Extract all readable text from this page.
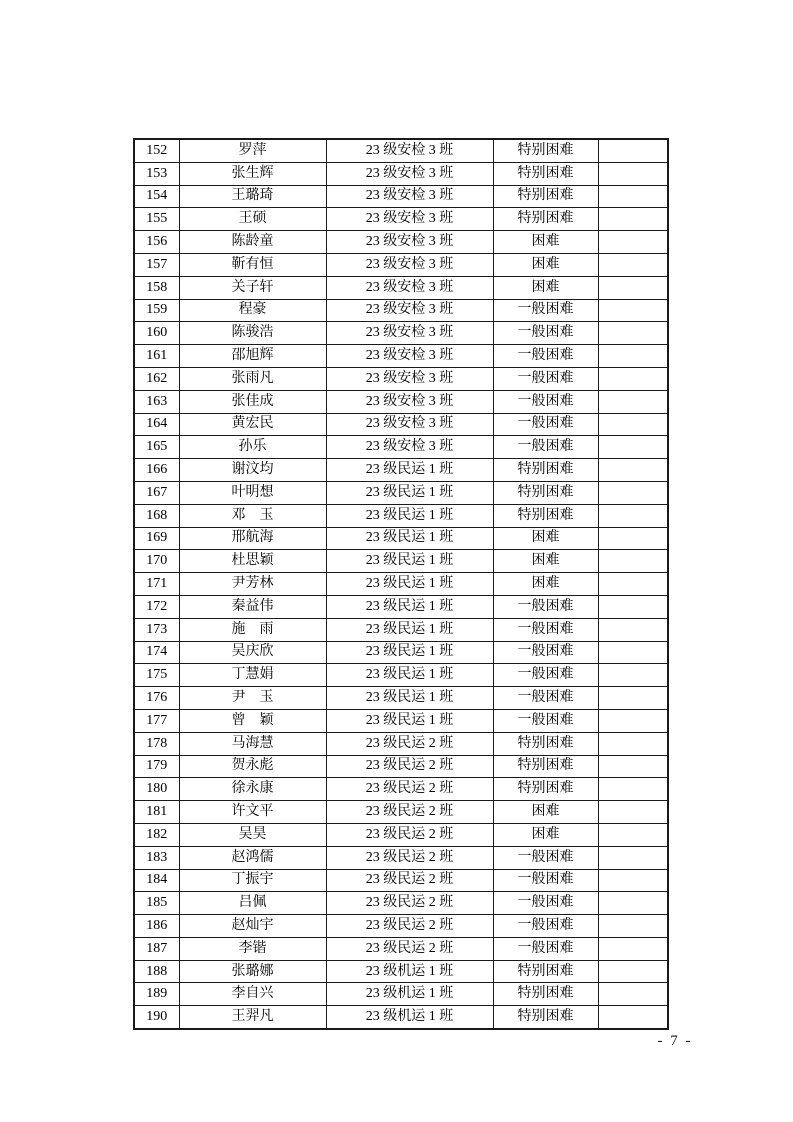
152	罗萍	23 级安检 3 班	特别困难	
153	张生辉	23 级安检 3 班	特别困难	
154	王璐琦	23 级安检 3 班	特别困难	
155	王硕	23 级安检 3 班	特别困难	
156	陈龄童	23 级安检 3 班	困难	
157	靳有恒	23 级安检 3 班	困难	
158	关子轩	23 级安检 3 班	困难	
159	程豪	23 级安检 3 班	一般困难	
160	陈骏浩	23 级安检 3 班	一般困难	
161	邵旭辉	23 级安检 3 班	一般困难	
162	张雨凡	23 级安检 3 班	一般困难	
163	张佳成	23 级安检 3 班	一般困难	
164	黄宏民	23 级安检 3 班	一般困难	
165	孙乐	23 级安检 3 班	一般困难	
166	谢汶均	23 级民运 1 班	特别困难	
167	叶明想	23 级民运 1 班	特别困难	
168	邓　玉	23 级民运 1 班	特别困难	
169	邢航海	23 级民运 1 班	困难	
170	杜思颖	23 级民运 1 班	困难	
171	尹芳林	23 级民运 1 班	困难	
172	秦益伟	23 级民运 1 班	一般困难	
173	施　雨	23 级民运 1 班	一般困难	
174	吴庆欣	23 级民运 1 班	一般困难	
175	丁慧娟	23 级民运 1 班	一般困难	
176	尹　玉	23 级民运 1 班	一般困难	
177	曾　颖	23 级民运 1 班	一般困难	
178	马海慧	23 级民运 2 班	特别困难	
179	贺永彪	23 级民运 2 班	特别困难	
180	徐永康	23 级民运 2 班	特别困难	
181	许文平	23 级民运 2 班	困难	
182	吴昊	23 级民运 2 班	困难	
183	赵鸿儒	23 级民运 2 班	一般困难	
184	丁振宇	23 级民运 2 班	一般困难	
185	吕佩	23 级民运 2 班	一般困难	
186	赵灿宇	23 级民运 2 班	一般困难	
187	李锴	23 级民运 2 班	一般困难	
188	张璐娜	23 级机运 1 班	特别困难	
189	李自兴	23 级机运 1 班	特别困难	
190	王羿凡	23 级机运 1 班	特别困难	
- 7 -
